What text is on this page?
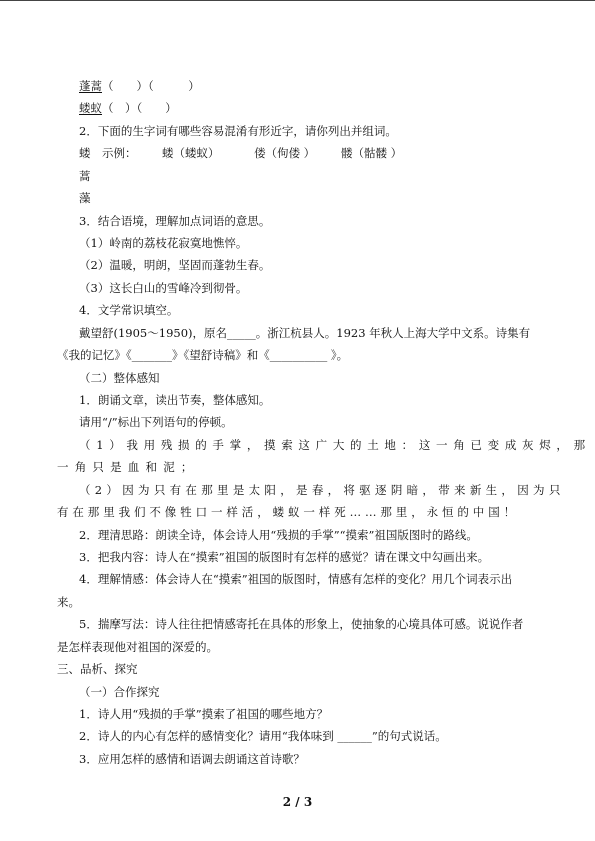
蓬蒿（　　）（　　　）
蝼蚁（　）（　　）
2．下面的生字词有哪些容易混淆有形近字，请你列出并组词。
蝼　示例： 蝼（蝼蚁）	偻（佝偻 ） 髅（骷髅 ）
蒿
藻
3．结合语境，理解加点词语的意思。
（1）岭南的荔枝花寂寞地憔悴。
（2）温暖，明朗，坚固而蓬勃生春。
（3）这长白山的雪峰冷到彻骨。
4．文学常识填空。
戴望舒(1905～1950)，原名_____。浙江杭县人。1923 年秋人上海大学中文系。诗集有
《我的记忆》《_______》《望舒诗稿》和《__________ 》。
（二）整体感知
1．朗诵文章，读出节奏，整体感知。
请用“/”标出下列语句的停顿。
（1）我用残损的手掌，摸索这广大的土地：这一角已变成灰烬，那
一角只是血和泥；
（2）因为只有在那里是太阳，是春，将驱逐阴暗，带来新生，因为只
有在那里我们不像牲口一样活，蝼蚁一样死……那里，永恒的中国！
2．理清思路：朗读全诗，体会诗人用“残损的手掌”“摸索”祖国版图时的路线。
3．把我内容：诗人在“摸索”祖国的版图时有怎样的感觉？请在课文中勾画出来。
4．理解情感：体会诗人在“摸索”祖国的版图时，情感有怎样的变化？用几个词表示出
来。
5．揣摩写法：诗人往往把情感寄托在具体的形象上，使抽象的心境具体可感。说说作者
是怎样表现他对祖国的深爱的。
三、品析、探究
（一）合作探究
1．诗人用“残损的手掌”摸索了祖国的哪些地方？
2．诗人的内心有怎样的感情变化？请用“我体味到 ______”的句式说话。
3．应用怎样的感情和语调去朗诵这首诗歌？
2 / 3
